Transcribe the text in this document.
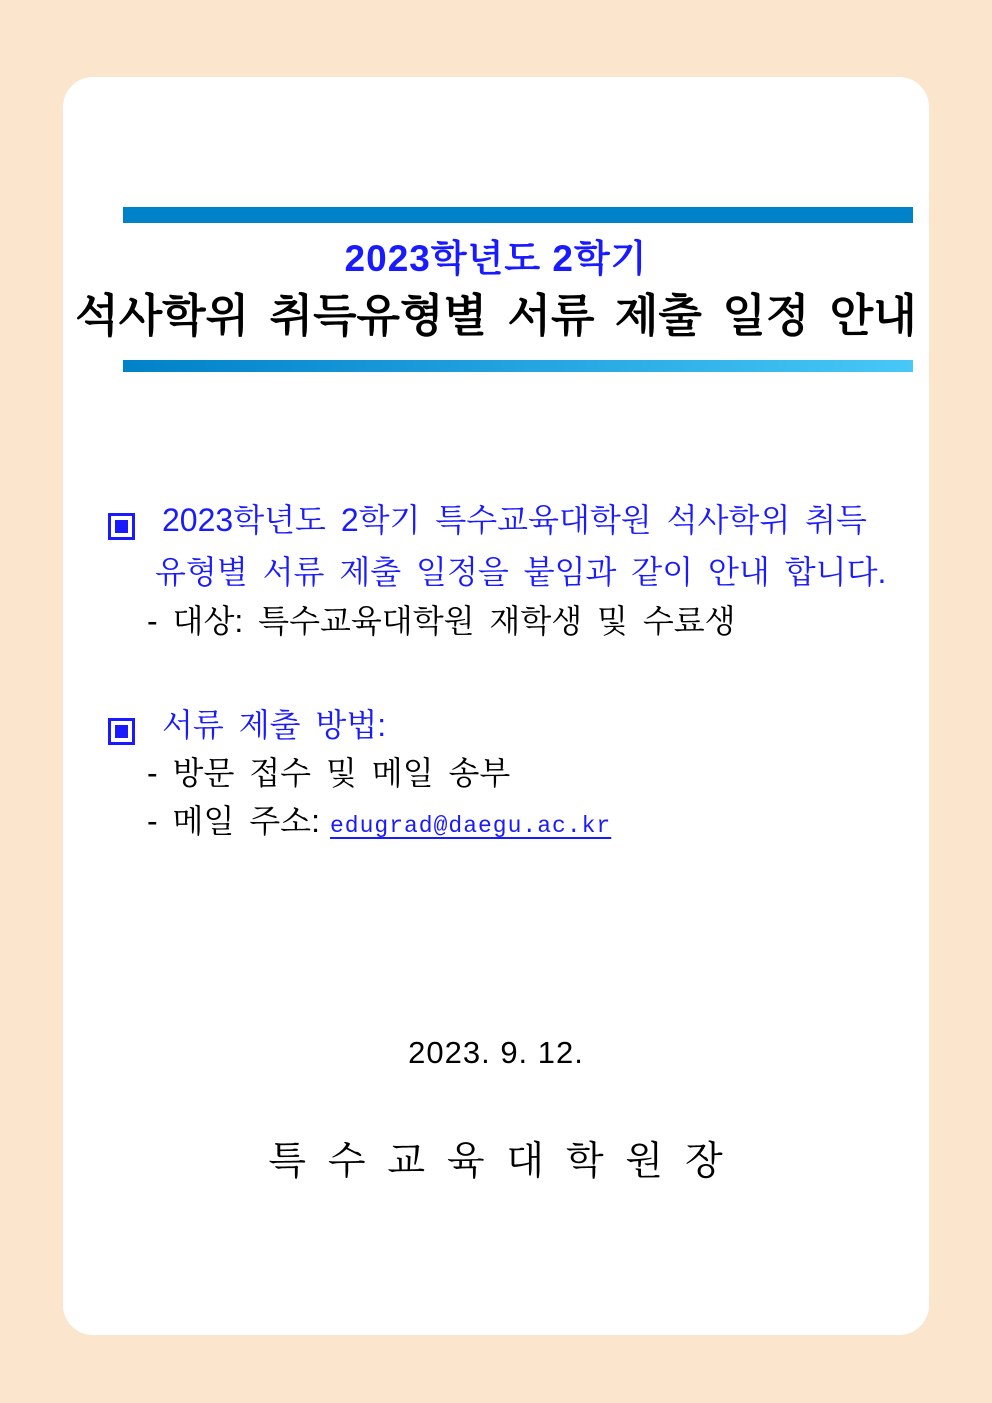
2023학년도 2학기
석사학위 취득유형별 서류 제출 일정 안내
2023학년도 2학기 특수교육대학원 석사학위 취득
유형별 서류 제출 일정을 붙임과 같이 안내 합니다.
- 대상: 특수교육대학원 재학생 및 수료생
서류 제출 방법:
- 방문 접수 및 메일 송부
- 메일 주소: edugrad@daegu.ac.kr
2023. 9. 12.
특 수 교 육 대 학 원 장
